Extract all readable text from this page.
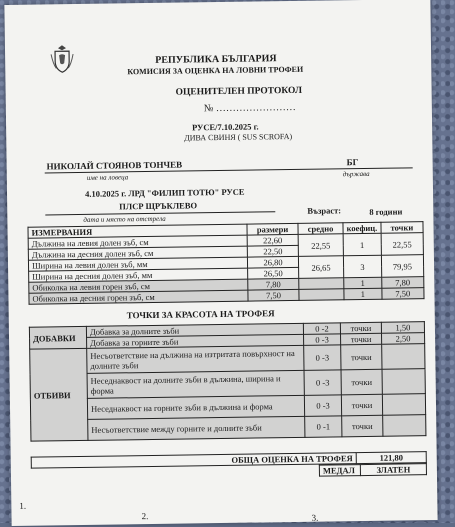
РЕПУБЛИКА БЪЛГАРИЯ
КОМИСИЯ ЗА ОЦЕНКА НА ЛОВНИ ТРОФЕИ
ОЦЕНИТЕЛЕН ПРОТОКОЛ
№ ……………………
РУСЕ/7.10.2025 г.
ДИВА СВИНЯ ( SUS SCROFA)
НИКОЛАЙ СТОЯНОВ ТОНЧЕВ	БГ
име на ловеца	държава
4.10.2025 г. ЛРД "ФИЛИП ТОТЮ" РУСЕ
ПЛСР ЩРЪКЛЕВО
дата и място на отстрела
Възраст:	8 години
ИЗМЕРВАНИЯ	размери	средно	коефиц.	точки
Дължина на левия долен зъб, см	22,60	22,55	1	22,55
Дължина на десния долен зъб, см	22,50			
Ширина на левия долен зъб, мм	26,80	26,65	3	79,95
Ширина на десния долен зъб, мм	26,50			
Обиколка на левия горен зъб, см	7,80		1	7,80
Обиколка на десния горен зъб, см	7,50		1	7,50
ТОЧКИ ЗА КРАСОТА НА ТРОФЕЯ
ДОБАВКИ	Добавка за долните зъби	0 -2	точки	1,50
	Добавка за горните зъби	0 -3	точки	2,50
ОТБИВИ	Несъответствие на дължина на изтритата повърхност на долните зъби	0 -3	точки	
	Неседнаквост на долните зъби в дължина, ширина и форма	0 -3	точки	
	Неседнаквост на горните зъби в дължина и форма	0 -3	точки	
	Несъответствие между горните и долните зъби	0 -1	точки	
ОБЩА ОЦЕНКА НА ТРОФЕЯ	121,80
МЕДАЛ	ЗЛАТЕН
1.
2.	3.
